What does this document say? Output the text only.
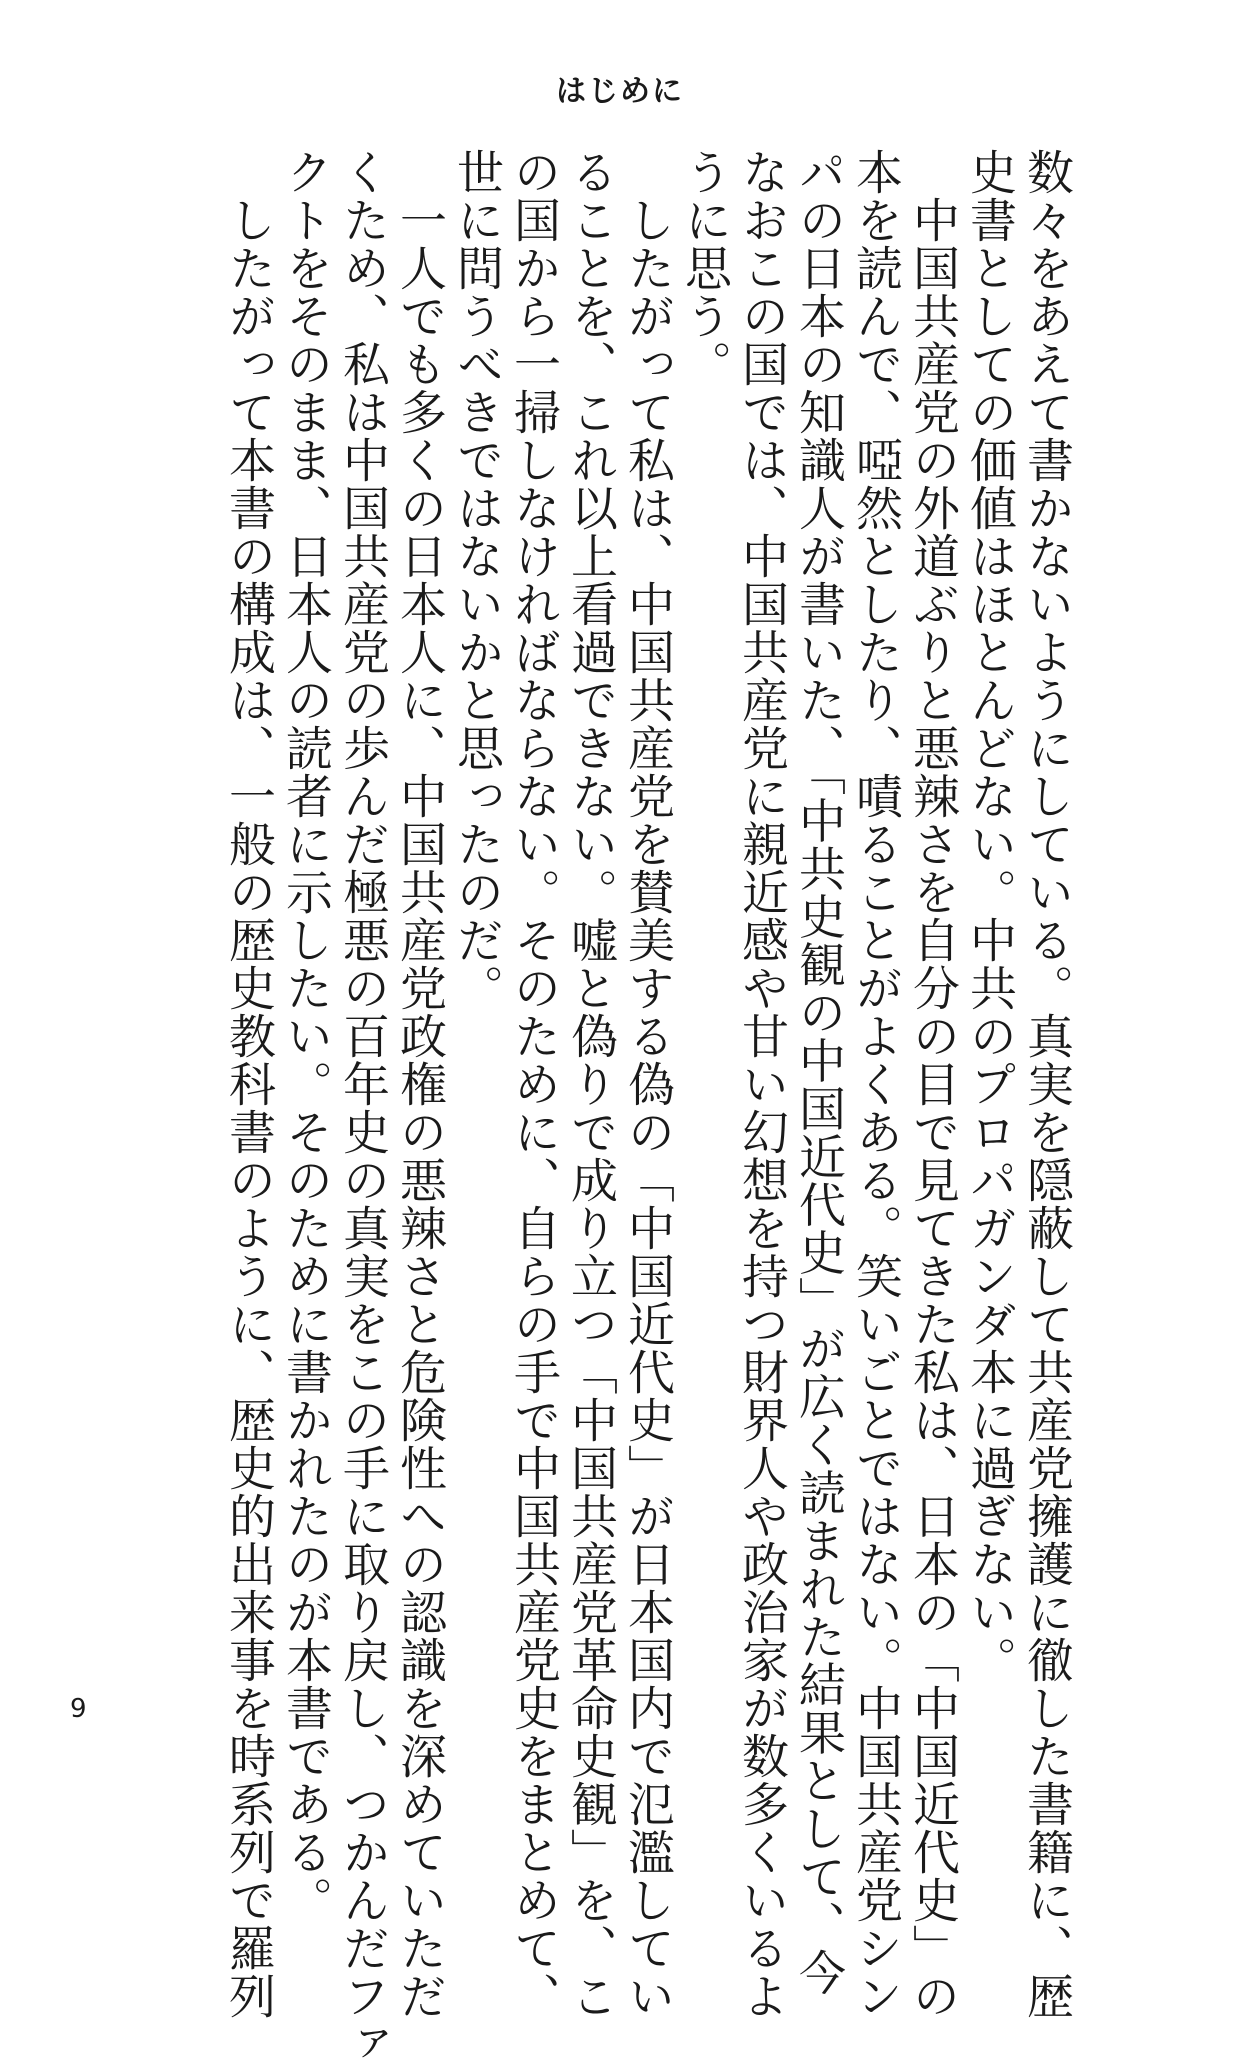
はじめに
数々をあえて書かないようにしている。真実を隠蔽して共産党擁護に徹した書籍に、歴
史書としての価値はほとんどない。中共のプロパガンダ本に過ぎない。
　中国共産党の外道ぶりと悪辣さを自分の目で見てきた私は、日本の「中国近代史」の
本を読んで、啞然としたり、嘖ることがよくある。笑いごとではない。中国共産党シン
パの日本の知識人が書いた、「中共史観の中国近代史」が広く読まれた結果として、今
なおこの国では、中国共産党に親近感や甘い幻想を持つ財界人や政治家が数多くいるよ
うに思う。
　したがって私は、中国共産党を賛美する偽の「中国近代史」が日本国内で氾濫してい
ることを、これ以上看過できない。嘘と偽りで成り立つ「中国共産党革命史観」を、こ
の国から一掃しなければならない。そのために、自らの手で中国共産党史をまとめて、
世に問うべきではないかと思ったのだ。
　一人でも多くの日本人に、中国共産党政権の悪辣さと危険性への認識を深めていただ
くため、私は中国共産党の歩んだ極悪の百年史の真実をこの手に取り戻し、つかんだファ
クトをそのまま、日本人の読者に示したい。そのために書かれたのが本書である。
　したがって本書の構成は、一般の歴史教科書のように、歴史的出来事を時系列で羅列
9
